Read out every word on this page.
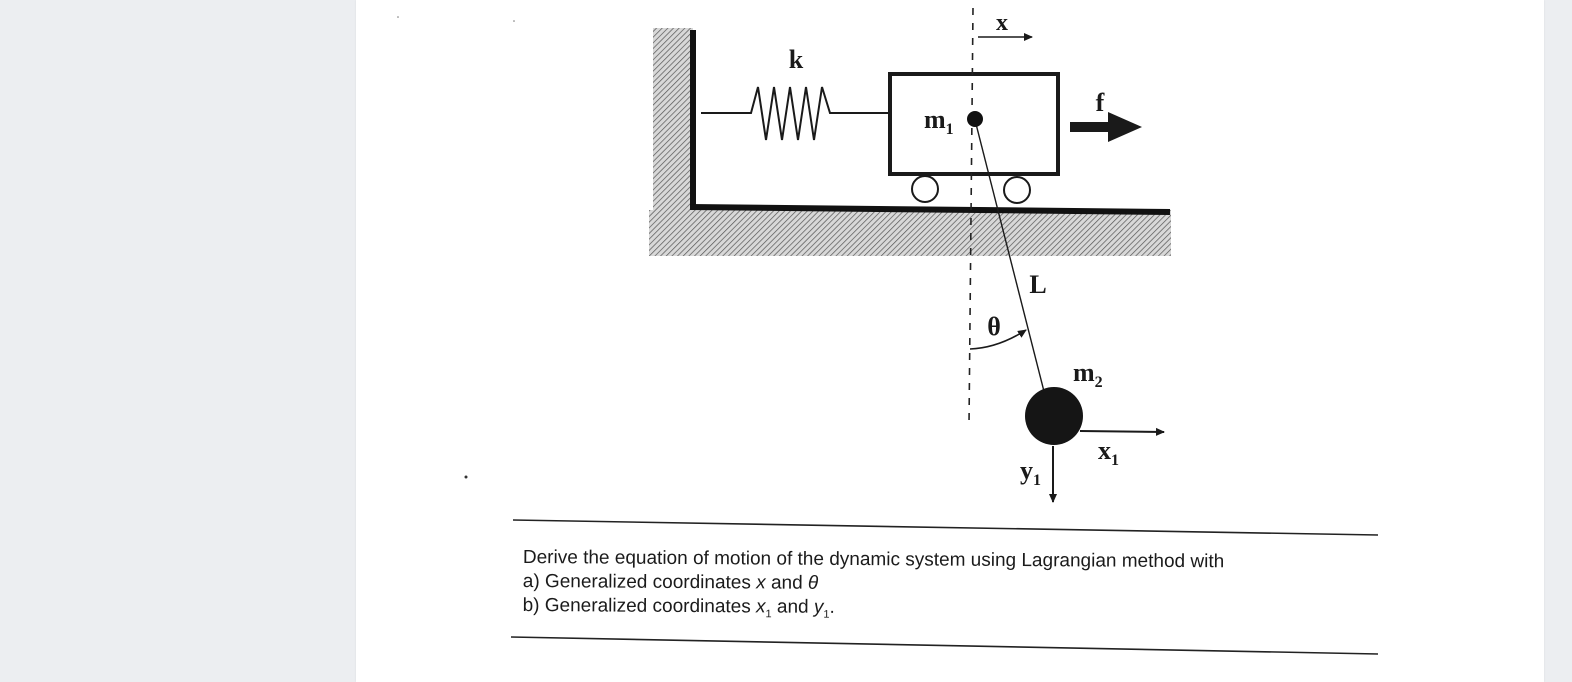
k
$m_1$
x
f
L
θ
$m_2$
$x_1$
$y_1$
Derive the equation of motion of the dynamic system using Lagrangian method with
a) Generalized coordinates x and θ
b) Generalized coordinates $x_1$ and $y_1$.
